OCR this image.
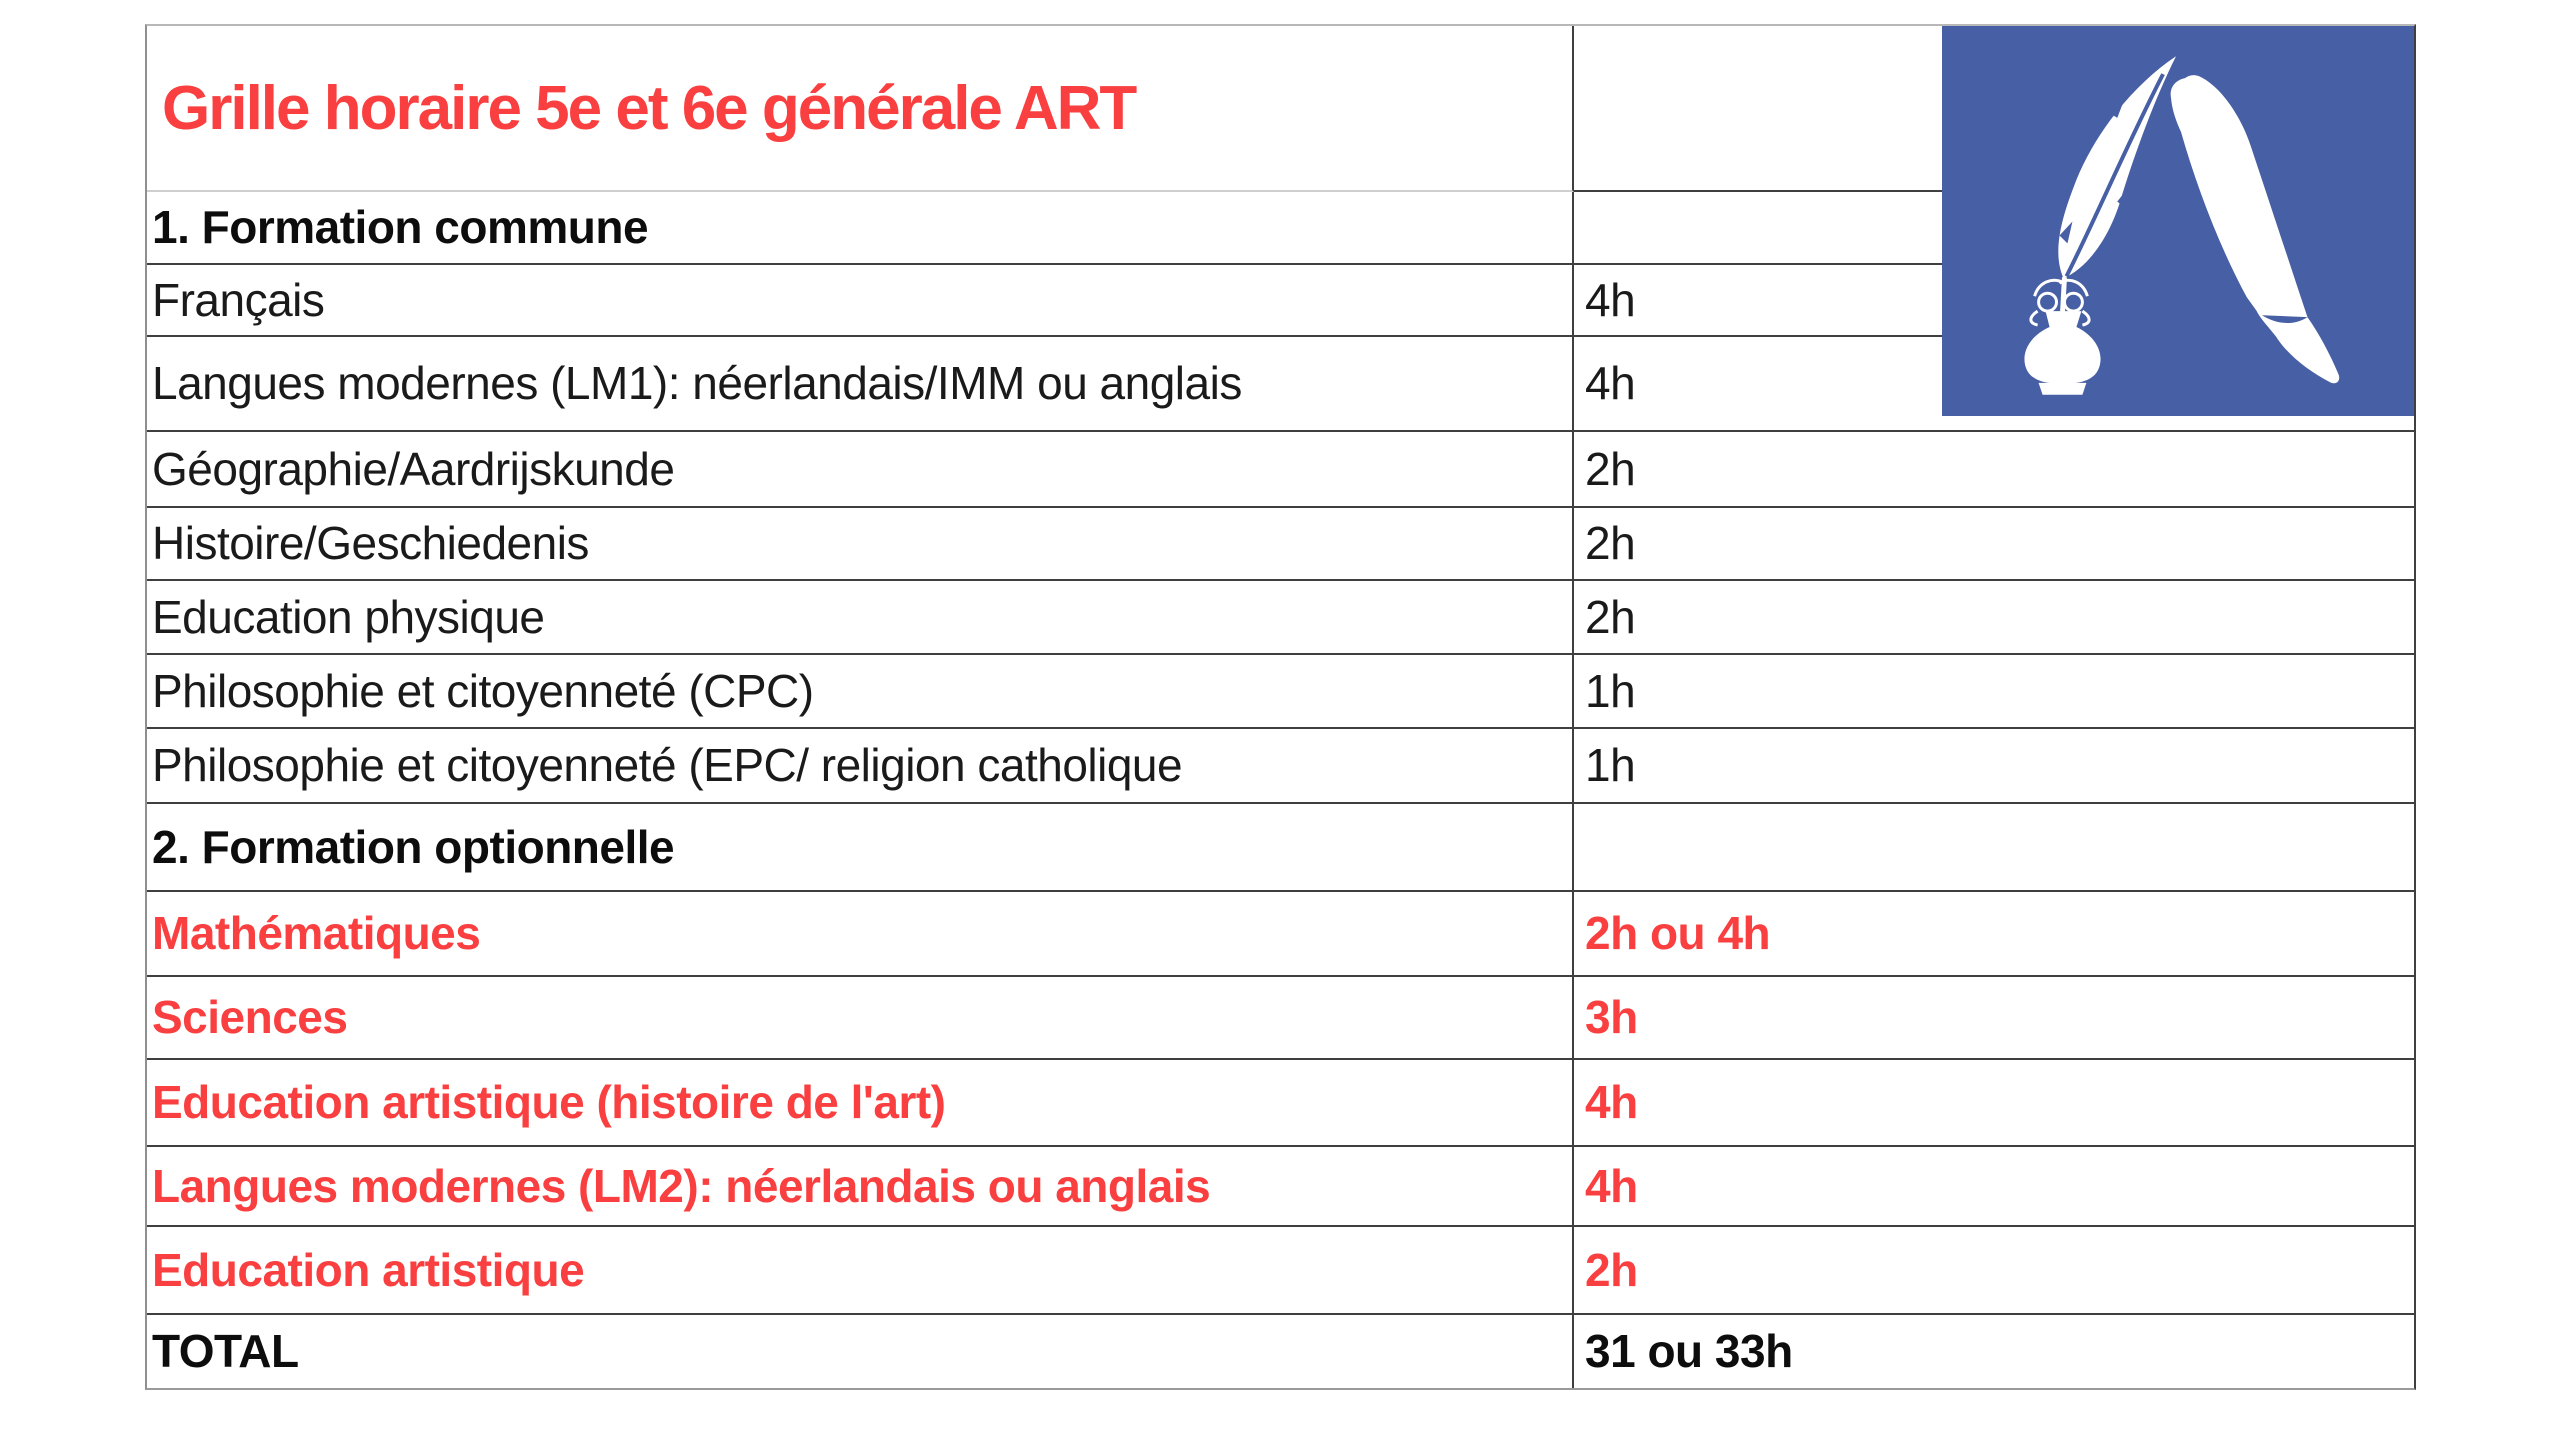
Grille horaire 5e et 6e générale ART
1. Formation commune
Français	4h
Langues modernes (LM1): néerlandais/IMM ou anglais	4h
Géographie/Aardrijskunde	2h
Histoire/Geschiedenis	2h
Education physique	2h
Philosophie et citoyenneté (CPC)	1h
Philosophie et citoyenneté (EPC/ religion catholique	1h
2. Formation optionnelle
Mathématiques	2h ou 4h
Sciences	3h
Education artistique (histoire de l'art)	4h
Langues modernes (LM2): néerlandais ou anglais	4h
Education artistique	2h
TOTAL	31 ou 33h
